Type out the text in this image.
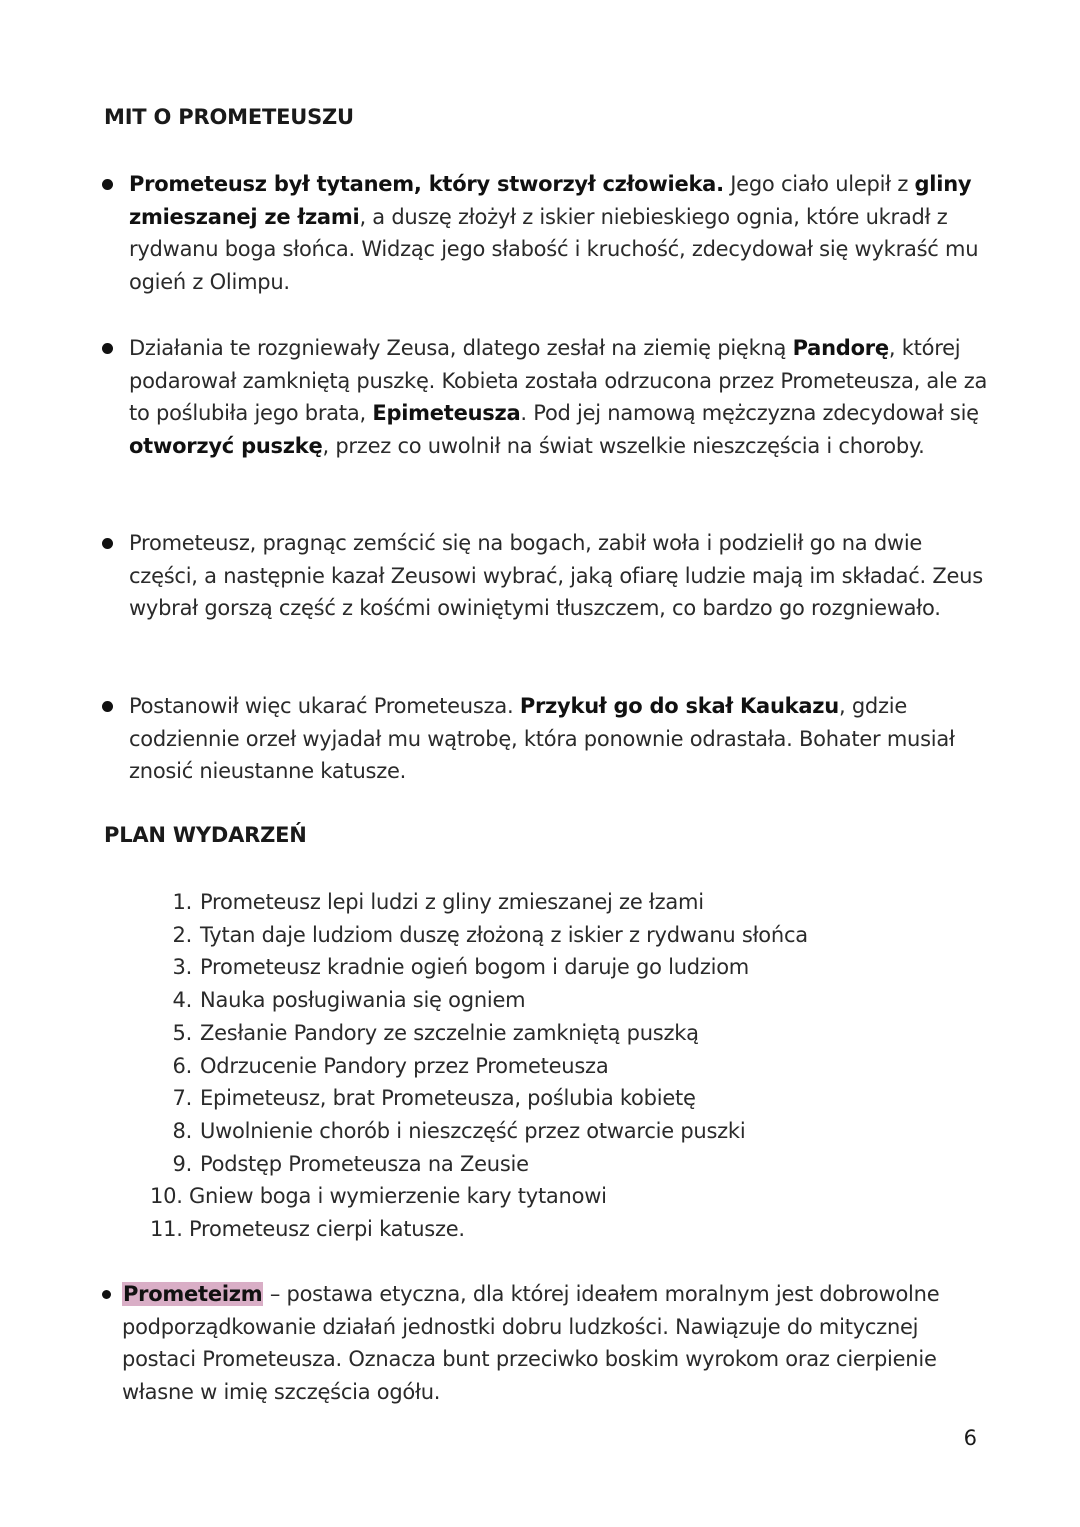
MIT O PROMETEUSZU
Prometeusz był tytanem, który stworzył człowieka. Jego ciało ulepił z gliny zmieszanej ze łzami, a duszę złożył z iskier niebieskiego ognia, które ukradł z rydwanu boga słońca. Widząc jego słabość i kruchość, zdecydował się wykraść mu ogień z Olimpu.
Działania te rozgniewały Zeusa, dlatego zesłał na ziemię piękną Pandorę, której podarował zamkniętą puszkę. Kobieta została odrzucona przez Prometeusza, ale za to poślubiła jego brata, Epimeteusza. Pod jej namową mężczyzna zdecydował się otworzyć puszkę, przez co uwolnił na świat wszelkie nieszczęścia i choroby.
Prometeusz, pragnąc zemścić się na bogach, zabił woła i podzielił go na dwie części, a następnie kazał Zeusowi wybrać, jaką ofiarę ludzie mają im składać. Zeus wybrał gorszą część z kośćmi owiniętymi tłuszczem, co bardzo go rozgniewało.
Postanowił więc ukarać Prometeusza. Przykuł go do skał Kaukazu, gdzie codziennie orzeł wyjadał mu wątrobę, która ponownie odrastała. Bohater musiał znosić nieustanne katusze.
PLAN WYDARZEŃ
1. Prometeusz lepi ludzi z gliny zmieszanej ze łzami
2. Tytan daje ludziom duszę złożoną z iskier z rydwanu słońca
3. Prometeusz kradnie ogień bogom i daruje go ludziom
4. Nauka posługiwania się ogniem
5. Zesłanie Pandory ze szczelnie zamkniętą puszką
6. Odrzucenie Pandory przez Prometeusza
7. Epimeteusz, brat Prometeusza, poślubia kobietę
8. Uwolnienie chorób i nieszczęść przez otwarcie puszki
9. Podstęp Prometeusza na Zeusie
10. Gniew boga i wymierzenie kary tytanowi
11. Prometeusz cierpi katusze.
Prometeizm – postawa etyczna, dla której ideałem moralnym jest dobrowolne podporządkowanie działań jednostki dobru ludzkości. Nawiązuje do mitycznej postaci Prometeusza. Oznacza bunt przeciwko boskim wyrokom oraz cierpienie własne w imię szczęścia ogółu.
6
